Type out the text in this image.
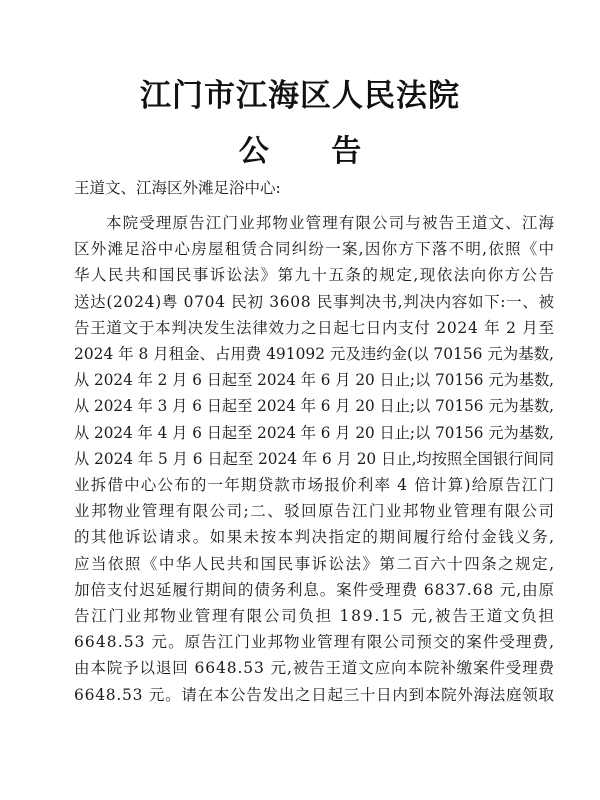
江门市江海区人民法院
公 告
王道文、江海区外滩足浴中心:
本院受理原告江门业邦物业管理有限公司与被告王道文、江海
区外滩足浴中心房屋租赁合同纠纷一案,因你方下落不明,依照《中
华人民共和国民事诉讼法》第九十五条的规定,现依法向你方公告
送达(2024)粤 0704 民初 3608 民事判决书,判决内容如下:一、被
告王道文于本判决发生法律效力之日起七日内支付 2024 年 2 月至
2024 年 8 月租金、占用费 491092 元及违约金(以 70156 元为基数,
从 2024 年 2 月 6 日起至 2024 年 6 月 20 日止;以 70156 元为基数,
从 2024 年 3 月 6 日起至 2024 年 6 月 20 日止;以 70156 元为基数,
从 2024 年 4 月 6 日起至 2024 年 6 月 20 日止;以 70156 元为基数,
从 2024 年 5 月 6 日起至 2024 年 6 月 20 日止,均按照全国银行间同
业拆借中心公布的一年期贷款市场报价利率 4 倍计算)给原告江门
业邦物业管理有限公司;二、驳回原告江门业邦物业管理有限公司
的其他诉讼请求。如果未按本判决指定的期间履行给付金钱义务,
应当依照《中华人民共和国民事诉讼法》第二百六十四条之规定,
加倍支付迟延履行期间的债务利息。案件受理费 6837.68 元,由原
告江门业邦物业管理有限公司负担 189.15 元,被告王道文负担
6648.53 元。原告江门业邦物业管理有限公司预交的案件受理费,
由本院予以退回 6648.53 元,被告王道文应向本院补缴案件受理费
6648.53 元。请在本公告发出之日起三十日内到本院外海法庭领取
